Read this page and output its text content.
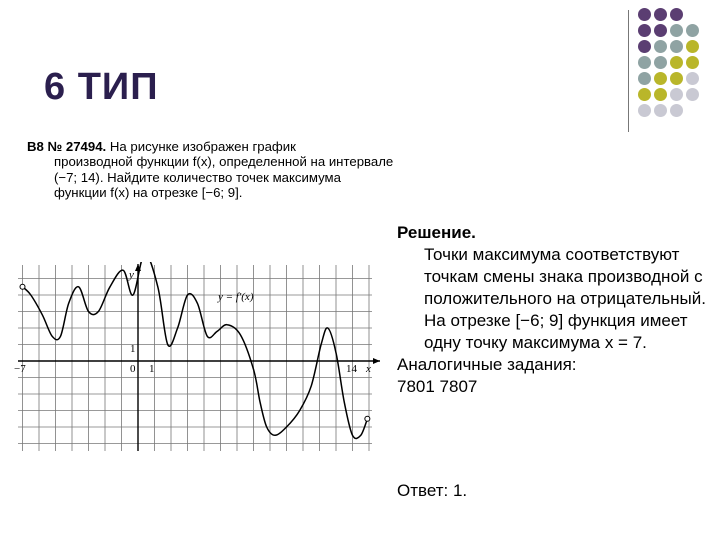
6 ТИП
B8 № 27494. На рисунке изображен график
производной функции f(x), определенной на интервале (−7; 14). Найдите количество точек максимума функции f(x) на отрезке [−6; 9].
y = f′(x)
y
x
−7	0 1	14
1
Решение.
Точки максимума соответствуют точкам смены знака производной с положительного на отрицательный. На отрезке [−6; 9] функция имеет одну точку максимума x = 7.
Аналогичные задания:
7801 7807
Ответ: 1.
